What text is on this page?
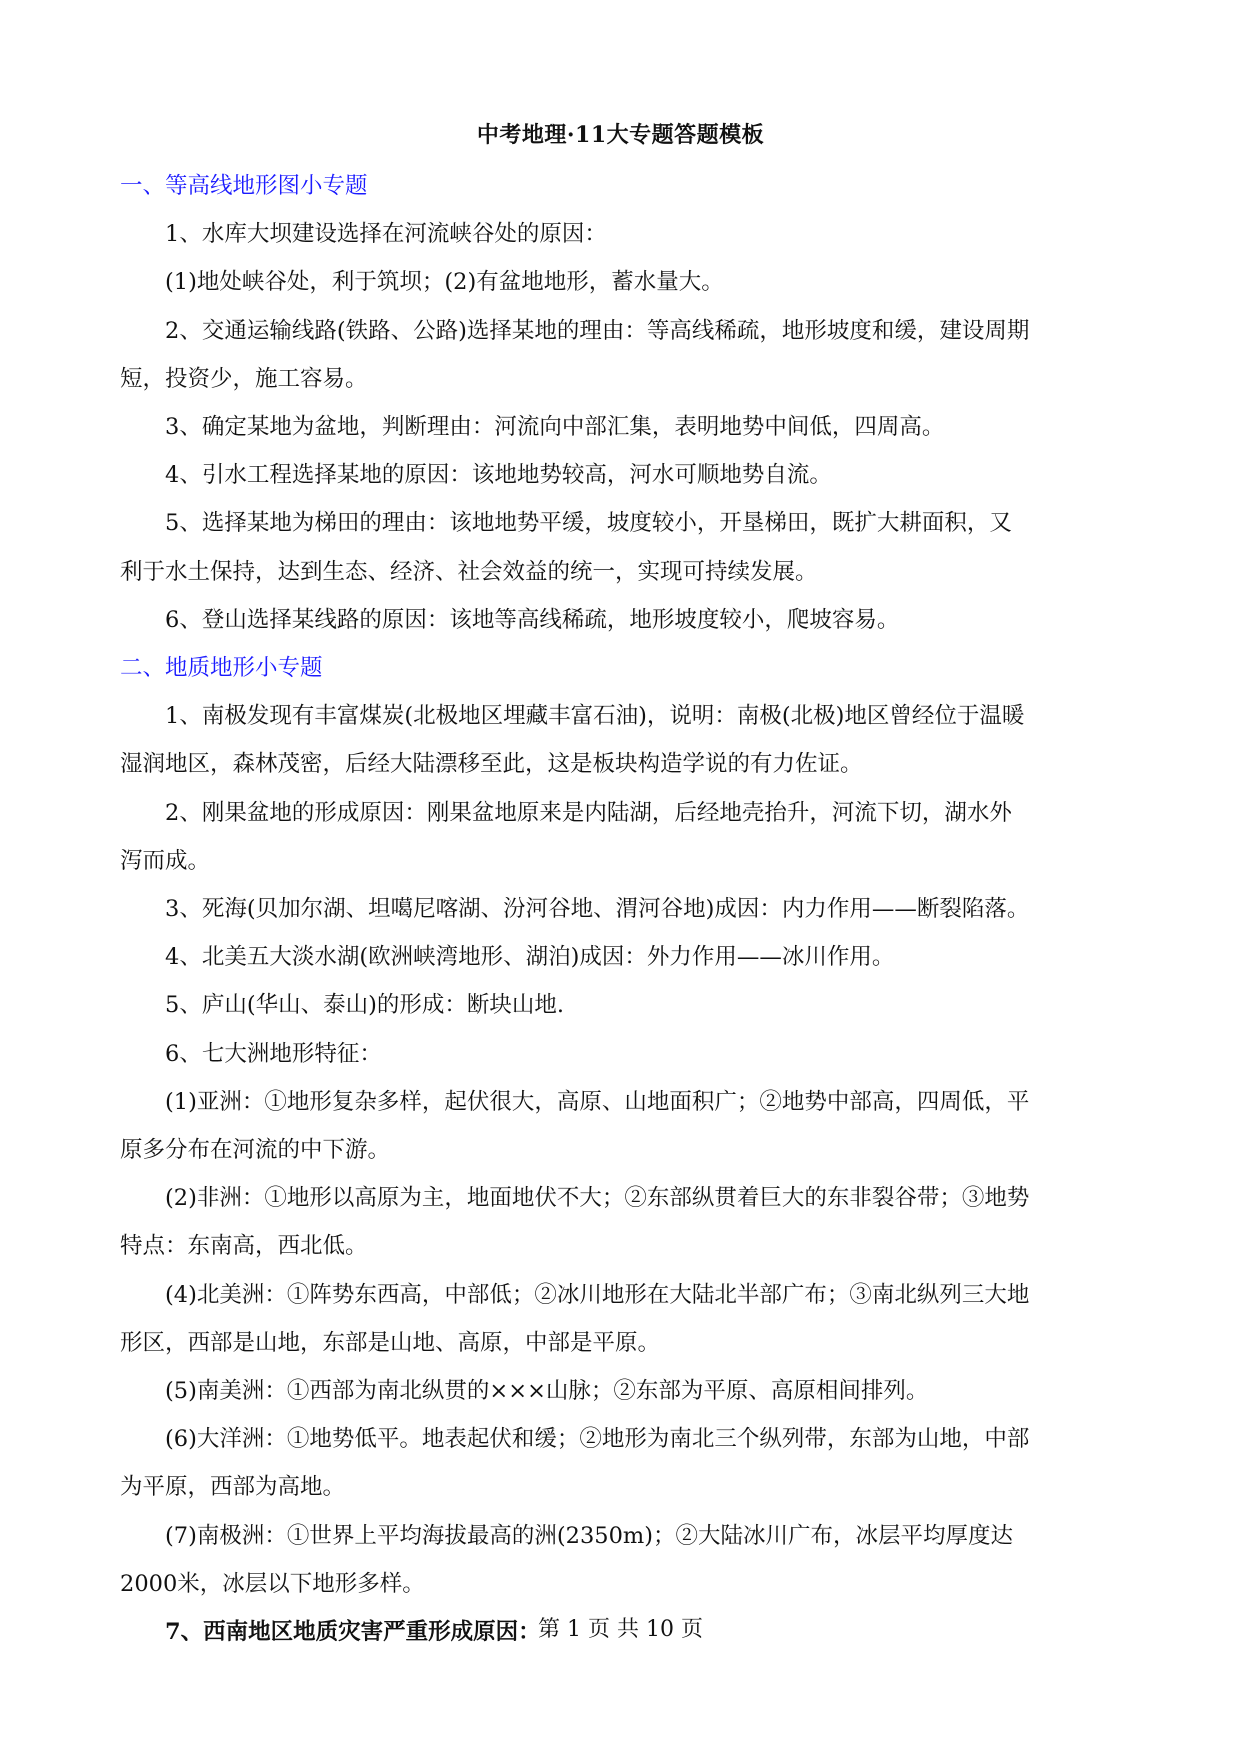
中考地理·11大专题答题模板
一、等高线地形图小专题
1、水库大坝建设选择在河流峡谷处的原因：
(1)地处峡谷处，利于筑坝；(2)有盆地地形，蓄水量大。
2、交通运输线路(铁路、公路)选择某地的理由：等高线稀疏，地形坡度和缓，建设周期
短，投资少，施工容易。
3、确定某地为盆地，判断理由：河流向中部汇集，表明地势中间低，四周高。
4、引水工程选择某地的原因：该地地势较高，河水可顺地势自流。
5、选择某地为梯田的理由：该地地势平缓，坡度较小，开垦梯田，既扩大耕面积，又
利于水土保持，达到生态、经济、社会效益的统一，实现可持续发展。
6、登山选择某线路的原因：该地等高线稀疏，地形坡度较小，爬坡容易。
二、地质地形小专题
1、南极发现有丰富煤炭(北极地区埋藏丰富石油)，说明：南极(北极)地区曾经位于温暖
湿润地区，森林茂密，后经大陆漂移至此，这是板块构造学说的有力佐证。
2、刚果盆地的形成原因：刚果盆地原来是内陆湖，后经地壳抬升，河流下切，湖水外
泻而成。
3、死海(贝加尔湖、坦噶尼喀湖、汾河谷地、渭河谷地)成因：内力作用——断裂陷落。
4、北美五大淡水湖(欧洲峡湾地形、湖泊)成因：外力作用——冰川作用。
5、庐山(华山、泰山)的形成：断块山地.
6、七大洲地形特征：
(1)亚洲：①地形复杂多样，起伏很大，高原、山地面积广；②地势中部高，四周低，平
原多分布在河流的中下游。
(2)非洲：①地形以高原为主，地面地伏不大；②东部纵贯着巨大的东非裂谷带；③地势
特点：东南高，西北低。
(4)北美洲：①阵势东西高，中部低；②冰川地形在大陆北半部广布；③南北纵列三大地
形区，西部是山地，东部是山地、高原，中部是平原。
(5)南美洲：①西部为南北纵贯的×××山脉；②东部为平原、高原相间排列。
(6)大洋洲：①地势低平。地表起伏和缓；②地形为南北三个纵列带，东部为山地，中部
为平原，西部为高地。
(7)南极洲：①世界上平均海拔最高的洲(2350m)；②大陆冰川广布，冰层平均厚度达
2000米，冰层以下地形多样。
7、西南地区地质灾害严重形成原因：
第 1 页 共 10 页
